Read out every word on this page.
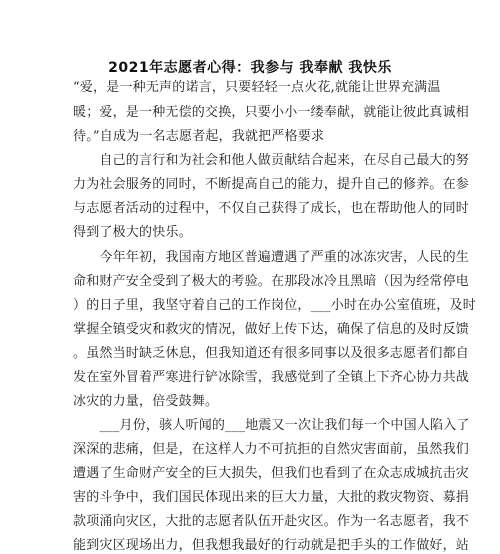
2021年志愿者心得：我参与 我奉献 我快乐
“爱，是一种无声的诺言，只要轻轻一点火花,就能让世界充满温
暖；爱，是一种无偿的交换，只要小小一缕奉献，就能让彼此真诚相
待。”自成为一名志愿者起，我就把严格要求
　　自己的言行和为社会和他人做贡献结合起来，在尽自己最大的努
力为社会服务的同时，不断提高自己的能力，提升自己的修养。在参
与志愿者活动的过程中，不仅自己获得了成长，也在帮助他人的同时
得到了极大的快乐。
　　今年年初，我国南方地区普遍遭遇了严重的冰冻灾害，人民的生
命和财产安全受到了极大的考验。在那段冰冷且黑暗（因为经常停电
）的日子里，我坚守着自己的工作岗位，___小时在办公室值班，及时
掌握全镇受灾和救灾的情况，做好上传下达，确保了信息的及时反馈
。虽然当时缺乏休息，但我知道还有很多同事以及很多志愿者们都自
发在室外冒着严寒进行铲冰除雪，我感觉到了全镇上下齐心协力共战
冰灾的力量，倍受鼓舞。
　　___月份，骇人听闻的___地震又一次让我们每一个中国人陷入了
深深的悲痛，但是，在这样人力不可抗拒的自然灾害面前，虽然我们
遭遇了生命财产安全的巨大损失，但我们也看到了在众志成城抗击灾
害的斗争中，我们国民体现出来的巨大力量，大批的救灾物资、募捐
款项涌向灾区，大批的志愿者队伍开赴灾区。作为一名志愿者，我不
能到灾区现场出力，但我想我最好的行动就是把手头的工作做好，站
